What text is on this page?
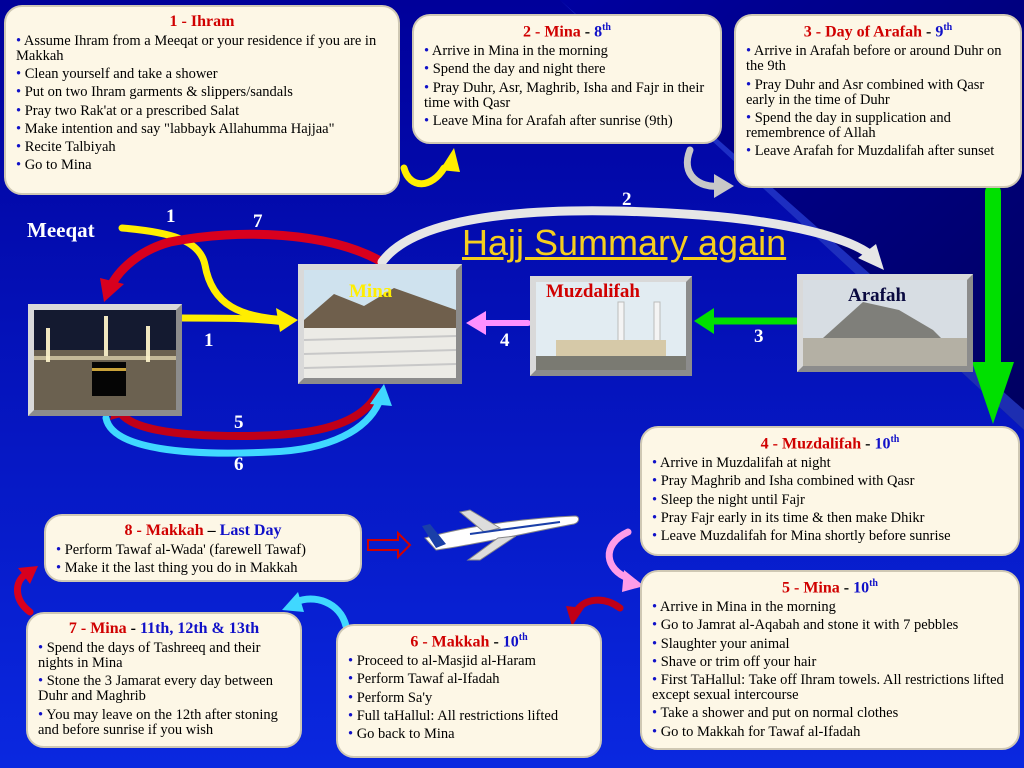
Hajj Summary again
Meeqat
1	7
1	4
5
6
2
3
Mina	Muzdalifah	Arafah
1 - Ihram
• Assume Ihram from a Meeqat or your residence if you are in Makkah
• Clean yourself and take a shower
• Put on two Ihram garments & slippers/sandals
• Pray two Rak'at or a prescribed Salat
• Make intention and say "labbayk Allahumma Hajjaa"
• Recite Talbiyah
• Go to Mina
2 - Mina - 8th
• Arrive in Mina in the morning
• Spend the day and night there
• Pray Duhr, Asr, Maghrib, Isha and Fajr in their time with Qasr
• Leave Mina for Arafah after sunrise (9th)
3 - Day of Arafah - 9th
• Arrive in Arafah before or around Duhr on the 9th
• Pray Duhr and Asr combined with Qasr early in the time of Duhr
• Spend the day in supplication and remembrence of Allah
• Leave Arafah for Muzdalifah after sunset
4 - Muzdalifah - 10th
• Arrive in Muzdalifah at night
• Pray Maghrib and Isha combined with Qasr
• Sleep the night until Fajr
• Pray Fajr early in its time & then make Dhikr
• Leave Muzdalifah for Mina shortly before sunrise
5 - Mina - 10th
• Arrive in Mina in the morning
• Go to Jamrat al-Aqabah and stone it with 7 pebbles
• Slaughter your animal
• Shave or trim off your hair
• First TaHallul: Take off Ihram towels. All restrictions lifted except sexual intercourse
• Take a shower and put on normal clothes
• Go to Makkah for Tawaf al-Ifadah
6 - Makkah - 10th
• Proceed to al-Masjid al-Haram
• Perform Tawaf al-Ifadah
• Perform Sa'y
• Full taHallul: All restrictions lifted
• Go back to Mina
7 - Mina - 11th, 12th & 13th
• Spend the days of Tashreeq and their nights in Mina
• Stone the 3 Jamarat every day between Duhr and Maghrib
• You may leave on the 12th after stoning and before sunrise if you wish
8 - Makkah – Last Day
• Perform Tawaf al-Wada' (farewell Tawaf)
• Make it the last thing you do in Makkah
